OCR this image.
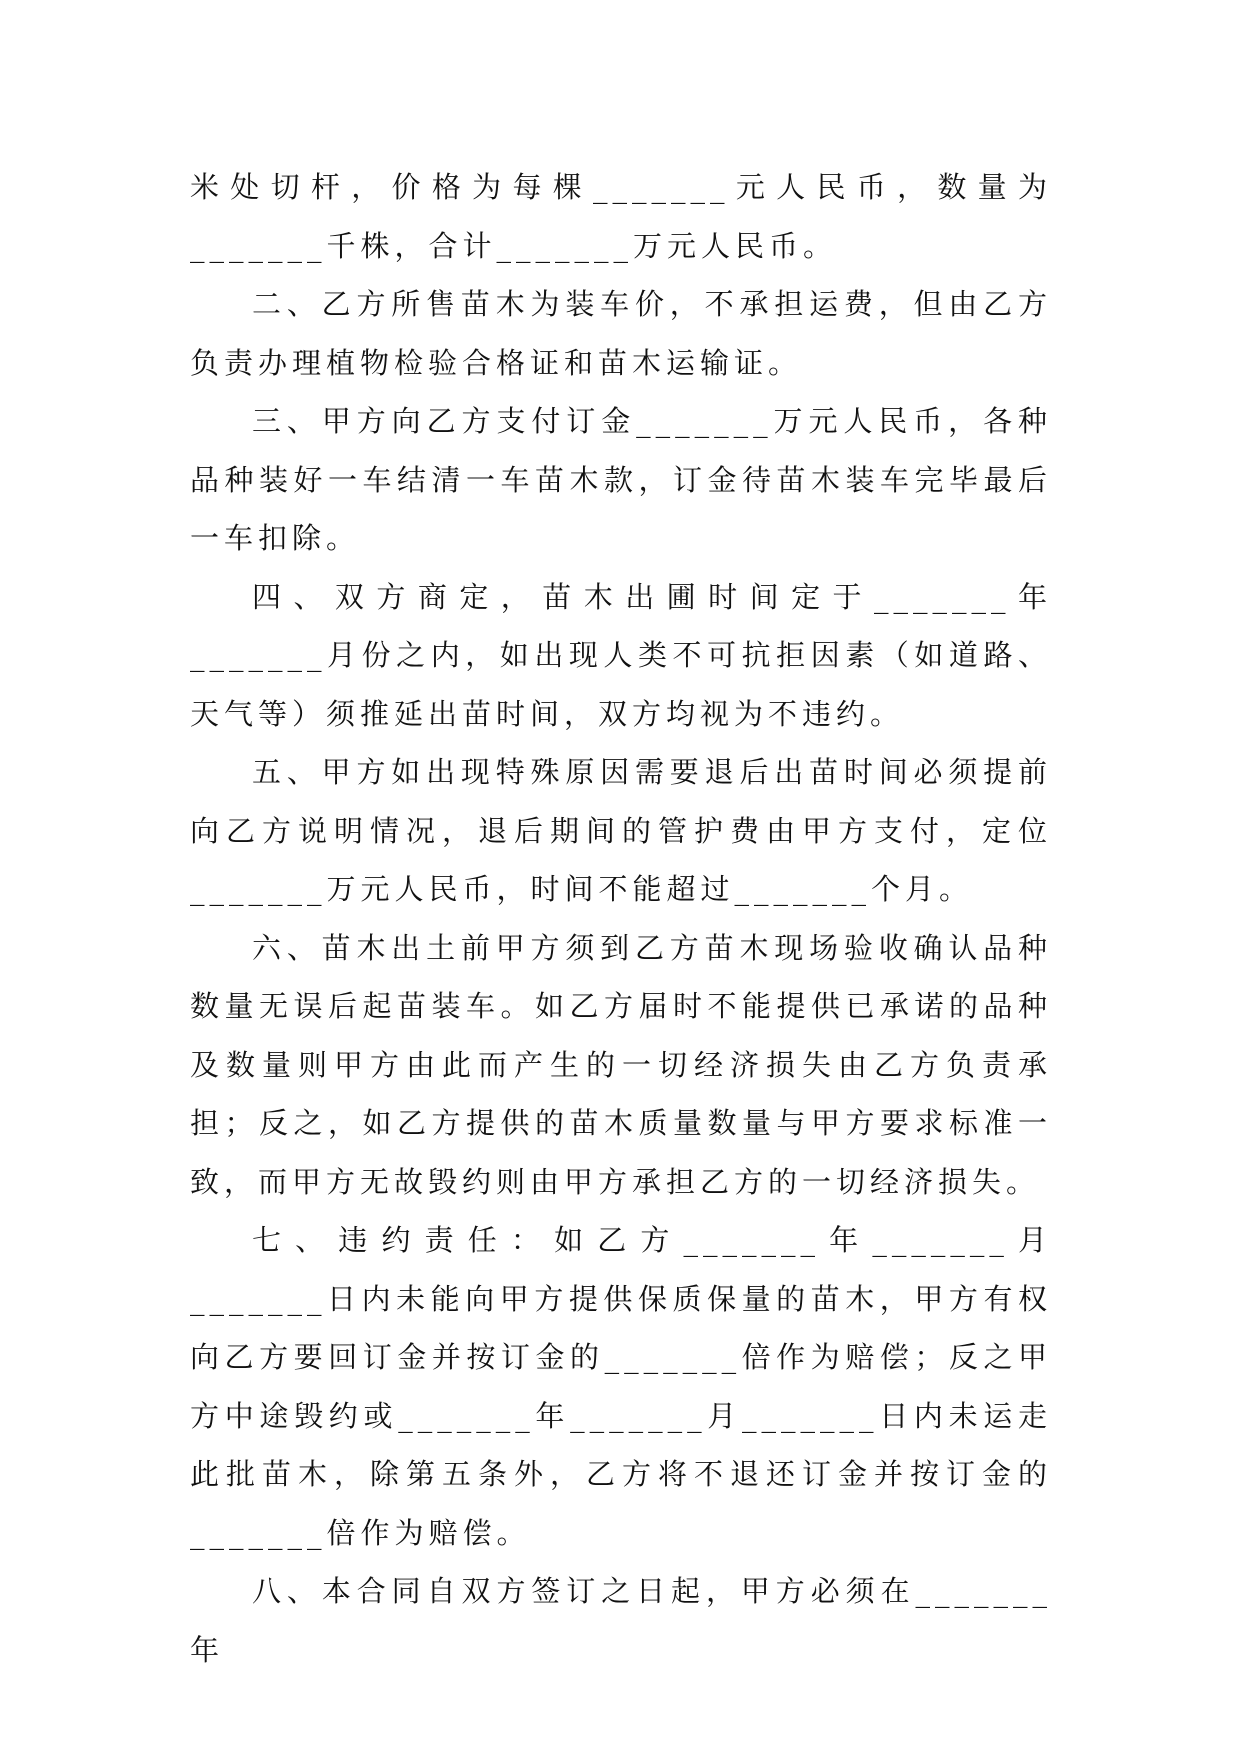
米处切杆，价格为每棵_______元人民币，数量为_______千株，合计_______万元人民币。

二、乙方所售苗木为装车价，不承担运费，但由乙方负责办理植物检验合格证和苗木运输证。

三、甲方向乙方支付订金_______万元人民币，各种品种装好一车结清一车苗木款，订金待苗木装车完毕最后一车扣除。

四、双方商定，苗木出圃时间定于_______年_______月份之内，如出现人类不可抗拒因素（如道路、天气等）须推延出苗时间，双方均视为不违约。

五、甲方如出现特殊原因需要退后出苗时间必须提前向乙方说明情况，退后期间的管护费由甲方支付，定位_______万元人民币，时间不能超过_______个月。

六、苗木出土前甲方须到乙方苗木现场验收确认品种数量无误后起苗装车。如乙方届时不能提供已承诺的品种及数量则甲方由此而产生的一切经济损失由乙方负责承担；反之，如乙方提供的苗木质量数量与甲方要求标准一致，而甲方无故毁约则由甲方承担乙方的一切经济损失。

七、违约责任：如乙方_______年_______月_______日内未能向甲方提供保质保量的苗木，甲方有权向乙方要回订金并按订金的_______倍作为赔偿；反之甲方中途毁约或_______年_______月_______日内未运走此批苗木，除第五条外，乙方将不退还订金并按订金的_______倍作为赔偿。

八、本合同自双方签订之日起，甲方必须在_______年
